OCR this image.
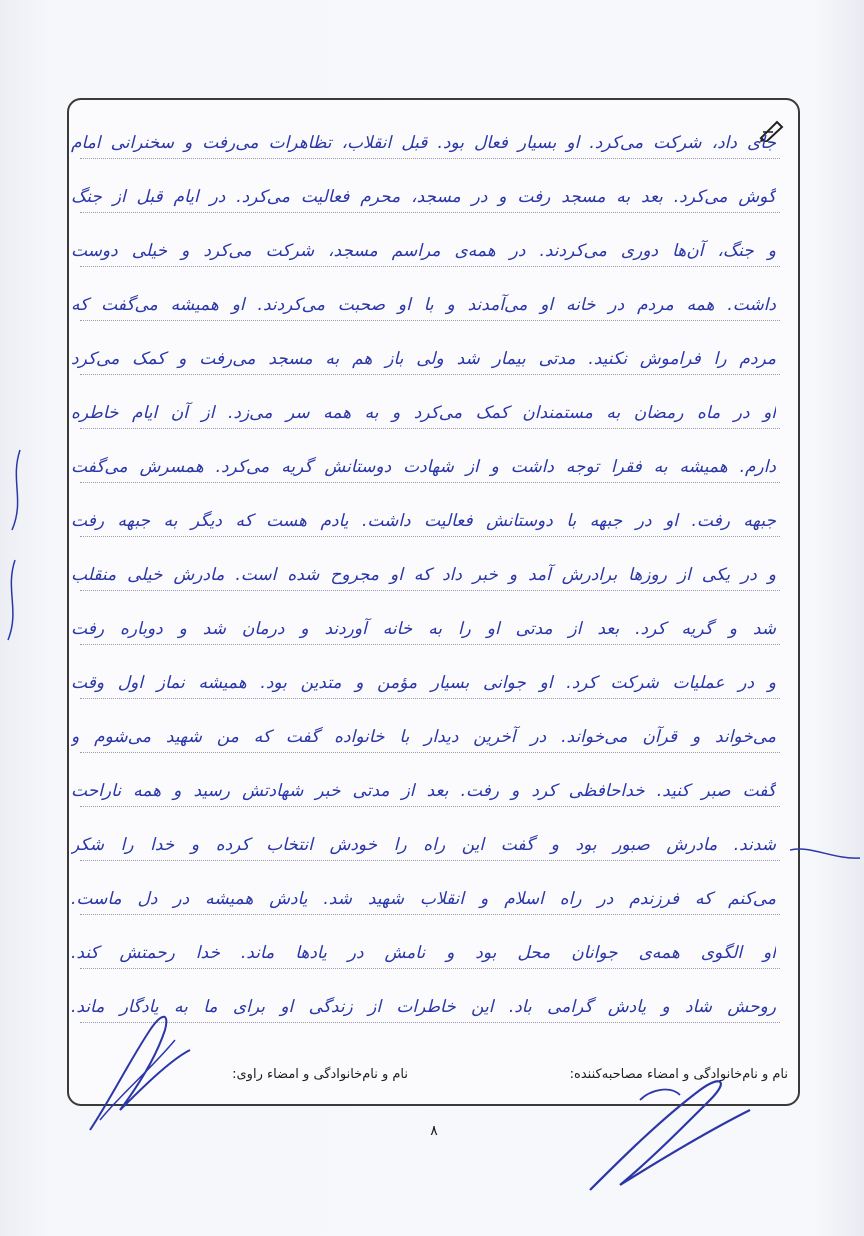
جای داد، شرکت می‌کرد. او بسیار فعال بود. قبل انقلاب، تظاهرات می‌رفت و سخنرانی امام
گوش می‌کرد. بعد به مسجد رفت و در مسجد، محرم فعالیت می‌کرد. در ایام قبل از جنگ
و جنگ، آن‌ها دوری می‌کردند. در همه‌ی مراسم مسجد، شرکت می‌کرد و خیلی دوست
داشت. همه مردم در خانه او می‌آمدند و با او صحبت می‌کردند. او همیشه می‌گفت که
مردم را فراموش نکنید. مدتی بیمار شد ولی باز هم به مسجد می‌رفت و کمک می‌کرد
او در ماه رمضان به مستمندان کمک می‌کرد و به همه سر می‌زد. از آن ایام خاطره
دارم. همیشه به فقرا توجه داشت و از شهادت دوستانش گریه می‌کرد. همسرش می‌گفت
جبهه رفت. او در جبهه با دوستانش فعالیت داشت. یادم هست که دیگر به جبهه رفت
و در یکی از روزها برادرش آمد و خبر داد که او مجروح شده است. مادرش خیلی منقلب
شد و گریه کرد. بعد از مدتی او را به خانه آوردند و درمان شد و دوباره رفت
و در عملیات شرکت کرد. او جوانی بسیار مؤمن و متدین بود. همیشه نماز اول وقت
می‌خواند و قرآن می‌خواند. در آخرین دیدار با خانواده گفت که من شهید می‌شوم و
گفت صبر کنید. خداحافظی کرد و رفت. بعد از مدتی خبر شهادتش رسید و همه ناراحت
شدند. مادرش صبور بود و گفت این راه را خودش انتخاب کرده و خدا را شکر
می‌کنم که فرزندم در راه اسلام و انقلاب شهید شد. یادش همیشه در دل ماست.
او الگوی همه‌ی جوانان محل بود و نامش در یادها ماند. خدا رحمتش کند.
روحش شاد و یادش گرامی باد. این خاطرات از زندگی او برای ما به یادگار ماند.
نام و نام‌خانوادگی و امضاء مصاحبه‌کننده:
نام و نام‌خانوادگی و امضاء راوی:
۸
